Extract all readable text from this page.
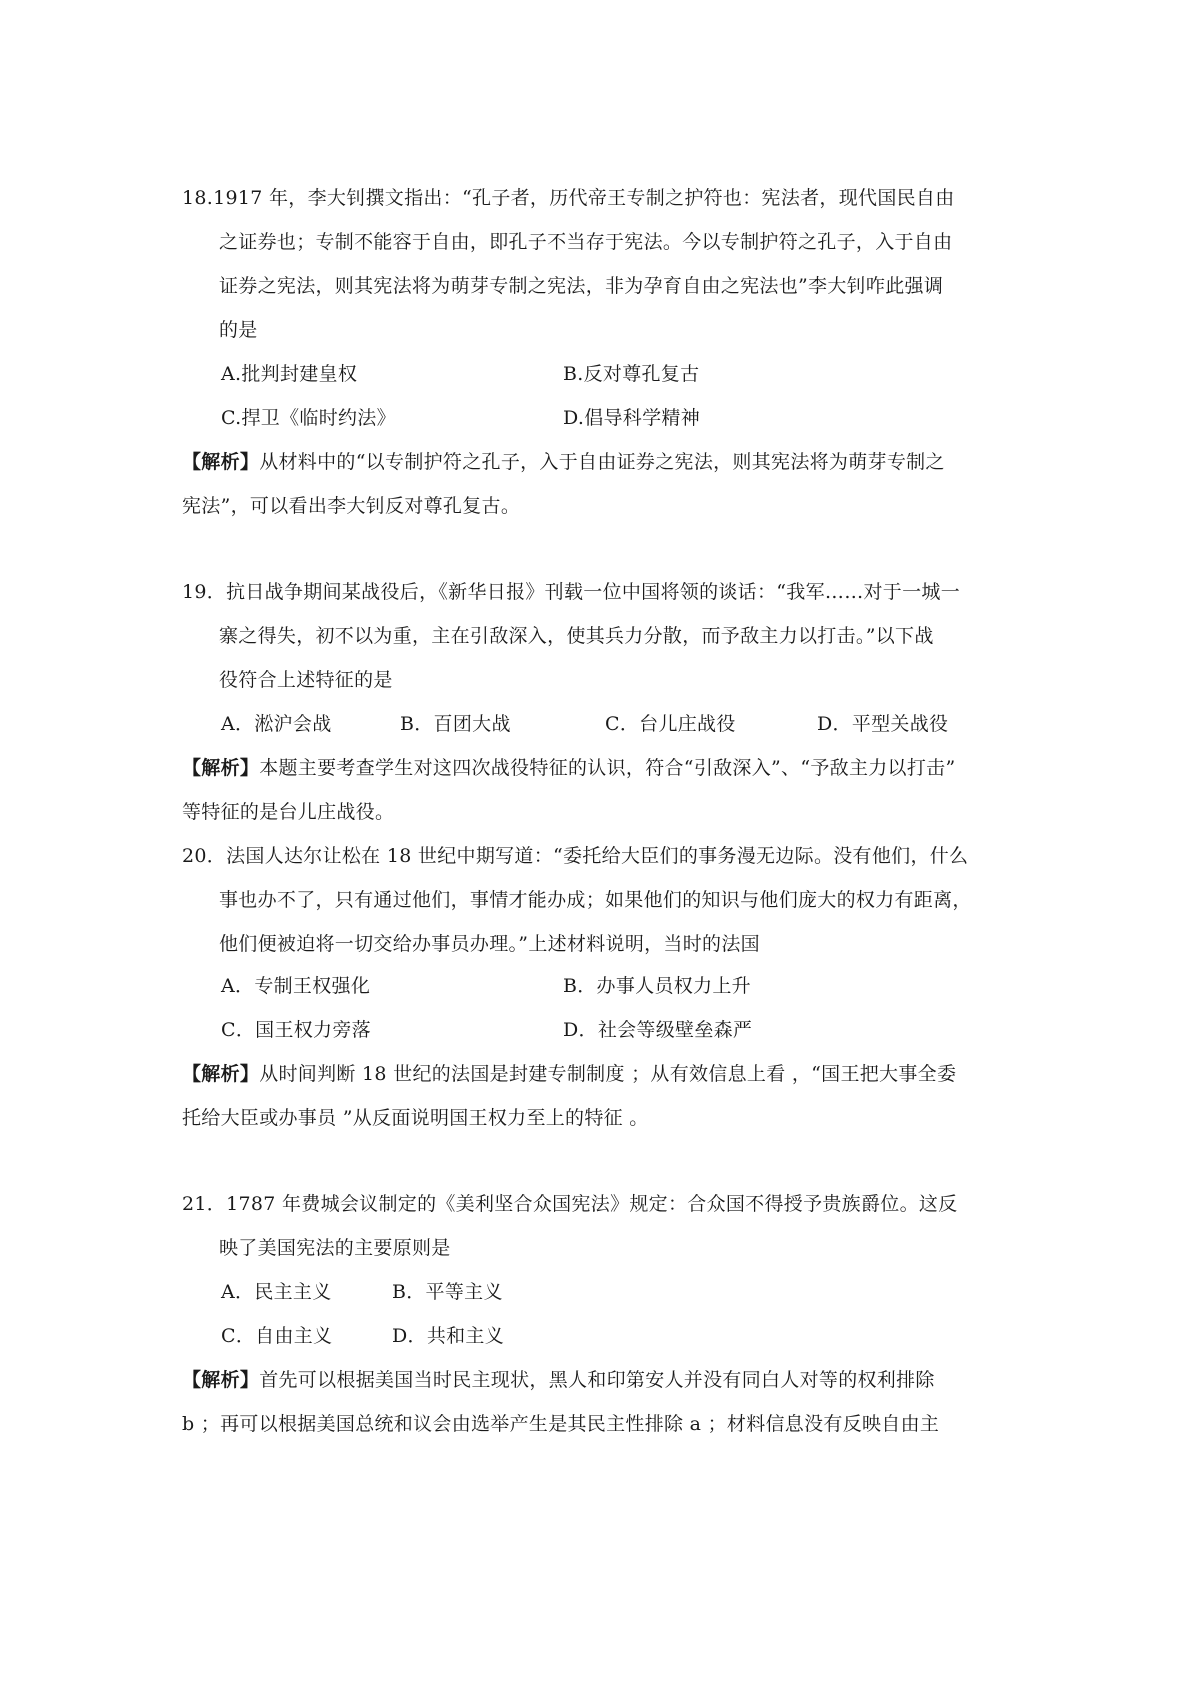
18.1917 年，李大钊撰文指出：“孔子者，历代帝王专制之护符也：宪法者，现代国民自由
之证券也；专制不能容于自由，即孔子不当存于宪法。今以专制护符之孔子，入于自由
证券之宪法，则其宪法将为萌芽专制之宪法，非为孕育自由之宪法也”李大钊咋此强调
的是
A.批判封建皇权	B.反对尊孔复古
C.捍卫《临时约法》	D.倡导科学精神
【解析】从材料中的“以专制护符之孔子，入于自由证券之宪法，则其宪法将为萌芽专制之
宪法”，可以看出李大钊反对尊孔复古。
19．抗日战争期间某战役后，《新华日报》刊载一位中国将领的谈话：“我军……对于一城一
寨之得失，初不以为重，主在引敌深入，使其兵力分散，而予敌主力以打击。”以下战
役符合上述特征的是
A．淞沪会战	B．百团大战	C．台儿庄战役	D．平型关战役
【解析】本题主要考查学生对这四次战役特征的认识，符合“引敌深入”、“予敌主力以打击”
等特征的是台儿庄战役。
20．法国人达尔让松在 18 世纪中期写道：“委托给大臣们的事务漫无边际。没有他们，什么
事也办不了，只有通过他们，事情才能办成；如果他们的知识与他们庞大的权力有距离，
他们便被迫将一切交给办事员办理。”上述材料说明，当时的法国
A．专制王权强化	B．办事人员权力上升
C．国王权力旁落	D．社会等级壁垒森严
【解析】从时间判断 18 世纪的法国是封建专制制度 ；从有效信息上看 ，“国王把大事全委
托给大臣或办事员 ”从反面说明国王权力至上的特征 。
21．1787 年费城会议制定的《美利坚合众国宪法》规定：合众国不得授予贵族爵位。这反
映了美国宪法的主要原则是
A．民主主义	B．平等主义
C．自由主义	D．共和主义
【解析】首先可以根据美国当时民主现状，黑人和印第安人并没有同白人对等的权利排除
b ；再可以根据美国总统和议会由选举产生是其民主性排除 a ；材料信息没有反映自由主
